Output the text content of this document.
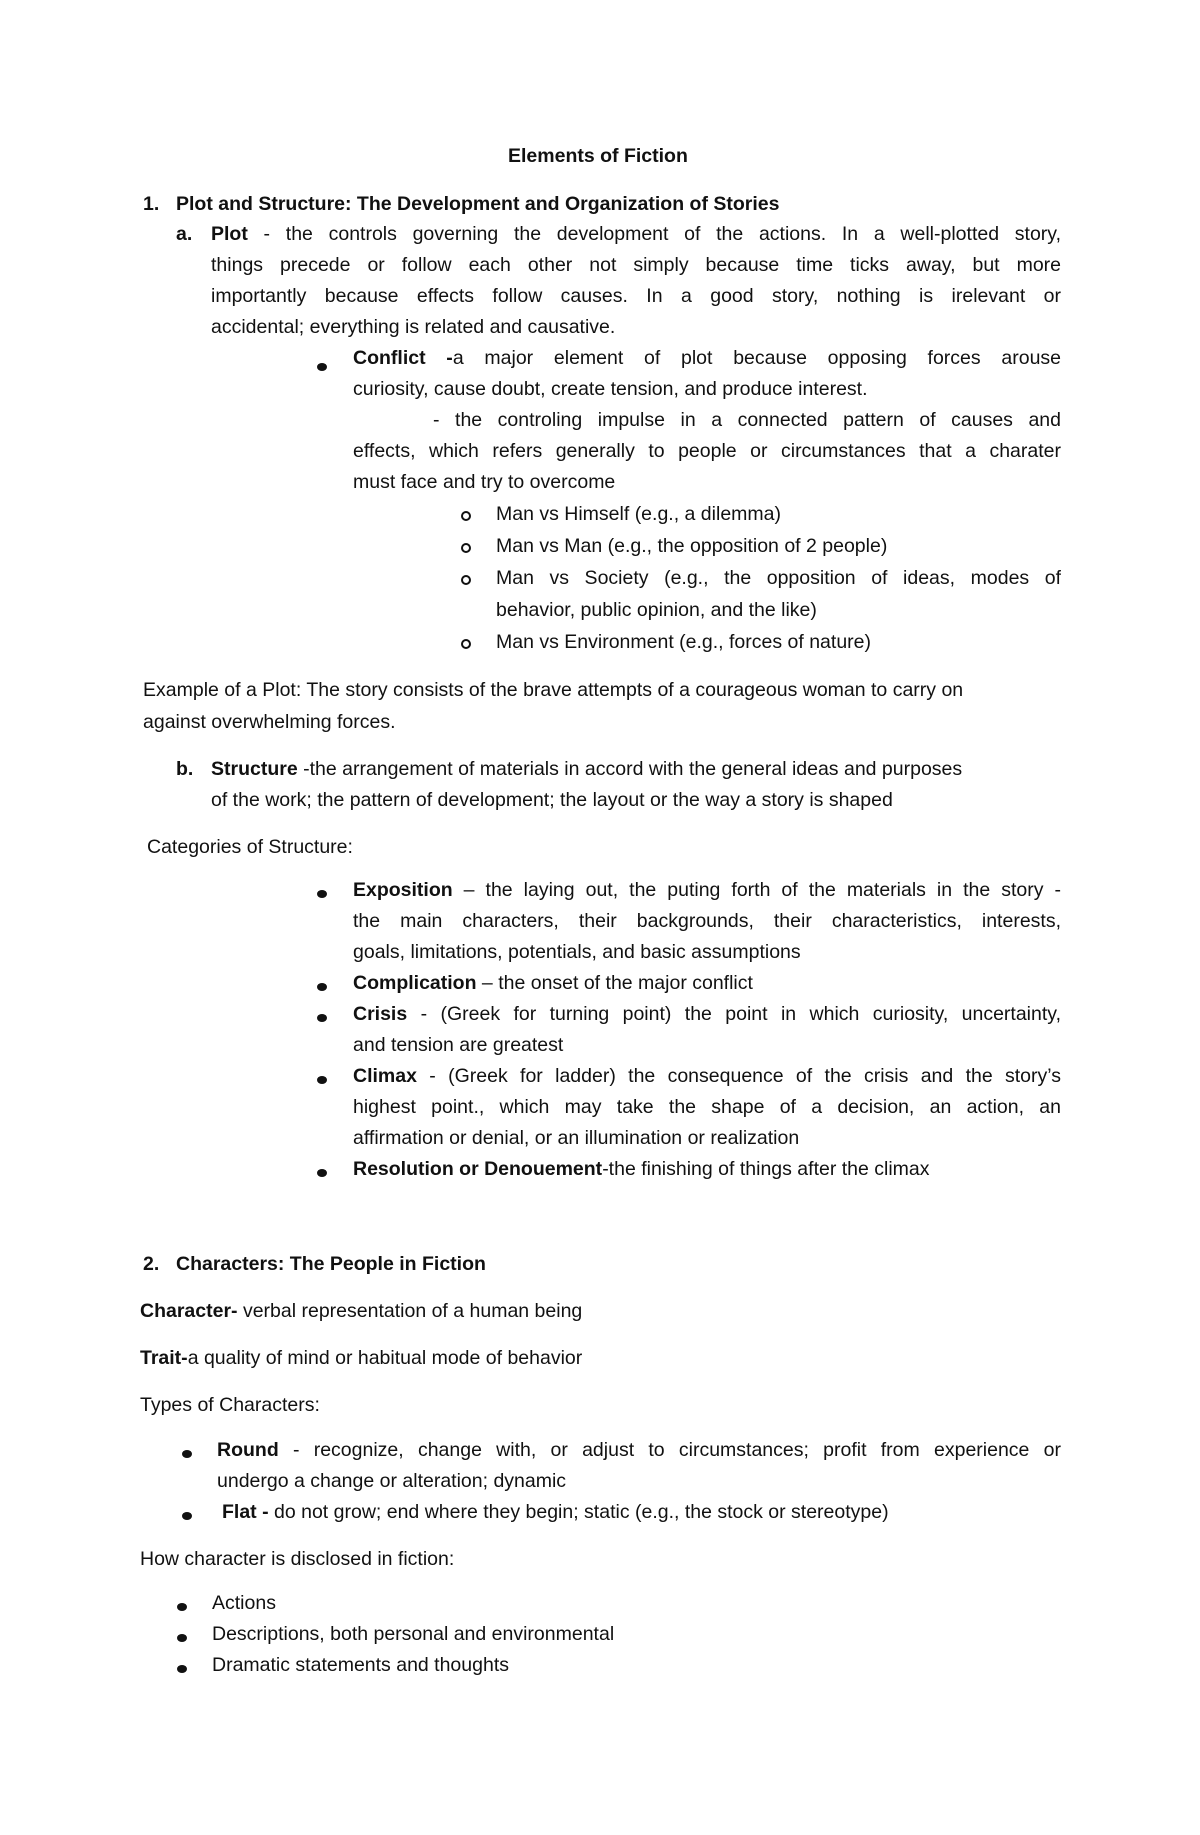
Elements of Fiction
1. Plot and Structure: The Development and Organization of Stories
a. Plot - the controls governing the development of the actions. In a well-plotted story,
things precede or follow each other not simply because time ticks away, but more
importantly because effects follow causes. In a good story, nothing is irelevant or
accidental; everything is related and causative.
Conflict -a major element of plot because opposing forces arouse
curiosity, cause doubt, create tension, and produce interest.
- the controling impulse in a connected pattern of causes and
effects, which refers generally to people or circumstances that a charater
must face and try to overcome
Man vs Himself (e.g., a dilemma)
Man vs Man (e.g., the opposition of 2 people)
Man vs Society (e.g., the opposition of ideas, modes of
behavior, public opinion, and the like)
Man vs Environment (e.g., forces of nature)
Example of a Plot: The story consists of the brave attempts of a courageous woman to carry on
against overwhelming forces.
b. Structure -the arrangement of materials in accord with the general ideas and purposes
of the work; the pattern of development; the layout or the way a story is shaped
Categories of Structure:
Exposition – the laying out, the puting forth of the materials in the story -
the main characters, their backgrounds, their characteristics, interests,
goals, limitations, potentials, and basic assumptions
Complication – the onset of the major conflict
Crisis - (Greek for turning point) the point in which curiosity, uncertainty,
and tension are greatest
Climax - (Greek for ladder) the consequence of the crisis and the story’s
highest point., which may take the shape of a decision, an action, an
affirmation or denial, or an illumination or realization
Resolution or Denouement-the finishing of things after the climax
2. Characters: The People in Fiction
Character- verbal representation of a human being
Trait-a quality of mind or habitual mode of behavior
Types of Characters:
Round - recognize, change with, or adjust to circumstances; profit from experience or
undergo a change or alteration; dynamic
Flat - do not grow; end where they begin; static (e.g., the stock or stereotype)
How character is disclosed in fiction:
Actions
Descriptions, both personal and environmental
Dramatic statements and thoughts
